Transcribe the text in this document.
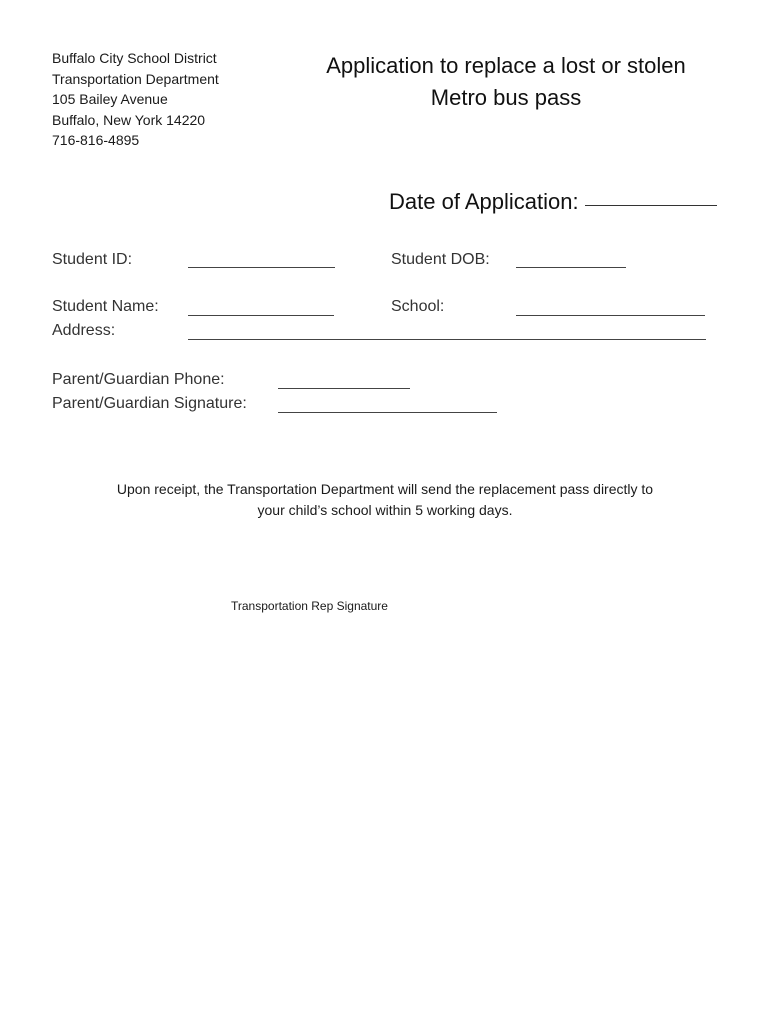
Buffalo City School District
Transportation Department
105 Bailey Avenue
Buffalo, New York 14220
716-816-4895
Application to replace a lost or stolen
Metro bus pass
Date of Application:
Student ID:	Student DOB:
Student Name:	School:
Address:
Parent/Guardian Phone:
Parent/Guardian Signature:
Upon receipt, the Transportation Department will send the replacement pass directly to
your child’s school within 5 working days.
Transportation Rep Signature
